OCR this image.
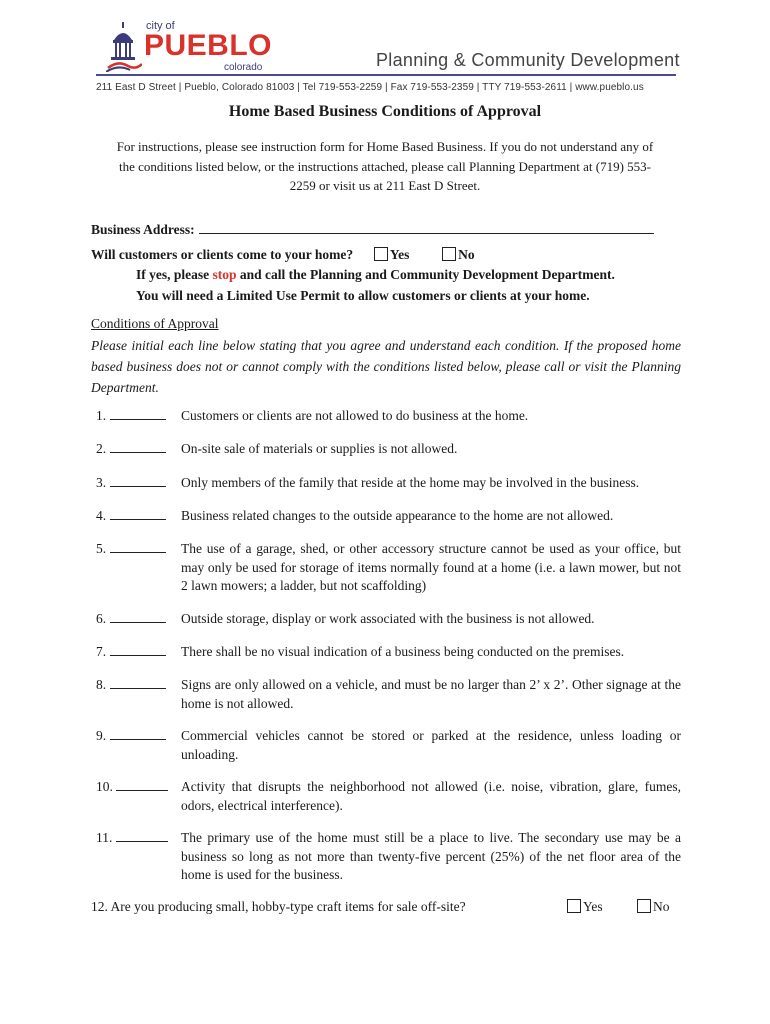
city of
PUEBLO
colorado	Planning & Community Development
211 East D Street | Pueblo, Colorado 81003 | Tel 719-553-2259 | Fax 719-553-2359 | TTY 719-553-2611 | www.pueblo.us
Home Based Business Conditions of Approval
For instructions, please see instruction form for Home Based Business. If you do not understand any of the conditions listed below, or the instructions attached, please call Planning Department at (719) 553-2259 or visit us at 211 East D Street.
Business Address:
Will customers or clients come to your home?	Yes	No
If yes, please stop and call the Planning and Community Development Department.
You will need a Limited Use Permit to allow customers or clients at your home.
Conditions of Approval
Please initial each line below stating that you agree and understand each condition. If the proposed home based business does not or cannot comply with the conditions listed below, please call or visit the Planning Department.
1.	Customers or clients are not allowed to do business at the home.
2.	On-site sale of materials or supplies is not allowed.
3.	Only members of the family that reside at the home may be involved in the business.
4.	Business related changes to the outside appearance to the home are not allowed.
5.	The use of a garage, shed, or other accessory structure cannot be used as your office, but may only be used for storage of items normally found at a home (i.e. a lawn mower, but not 2 lawn mowers; a ladder, but not scaffolding)
6.	Outside storage, display or work associated with the business is not allowed.
7.	There shall be no visual indication of a business being conducted on the premises.
8.	Signs are only allowed on a vehicle, and must be no larger than 2’ x 2’. Other signage at the home is not allowed.
9.	Commercial vehicles cannot be stored or parked at the residence, unless loading or unloading.
10.	Activity that disrupts the neighborhood not allowed (i.e. noise, vibration, glare, fumes, odors, electrical interference).
11.	The primary use of the home must still be a place to live. The secondary use may be a business so long as not more than twenty-five percent (25%) of the net floor area of the home is used for the business.
12. Are you producing small, hobby-type craft items for sale off-site?	Yes	No
